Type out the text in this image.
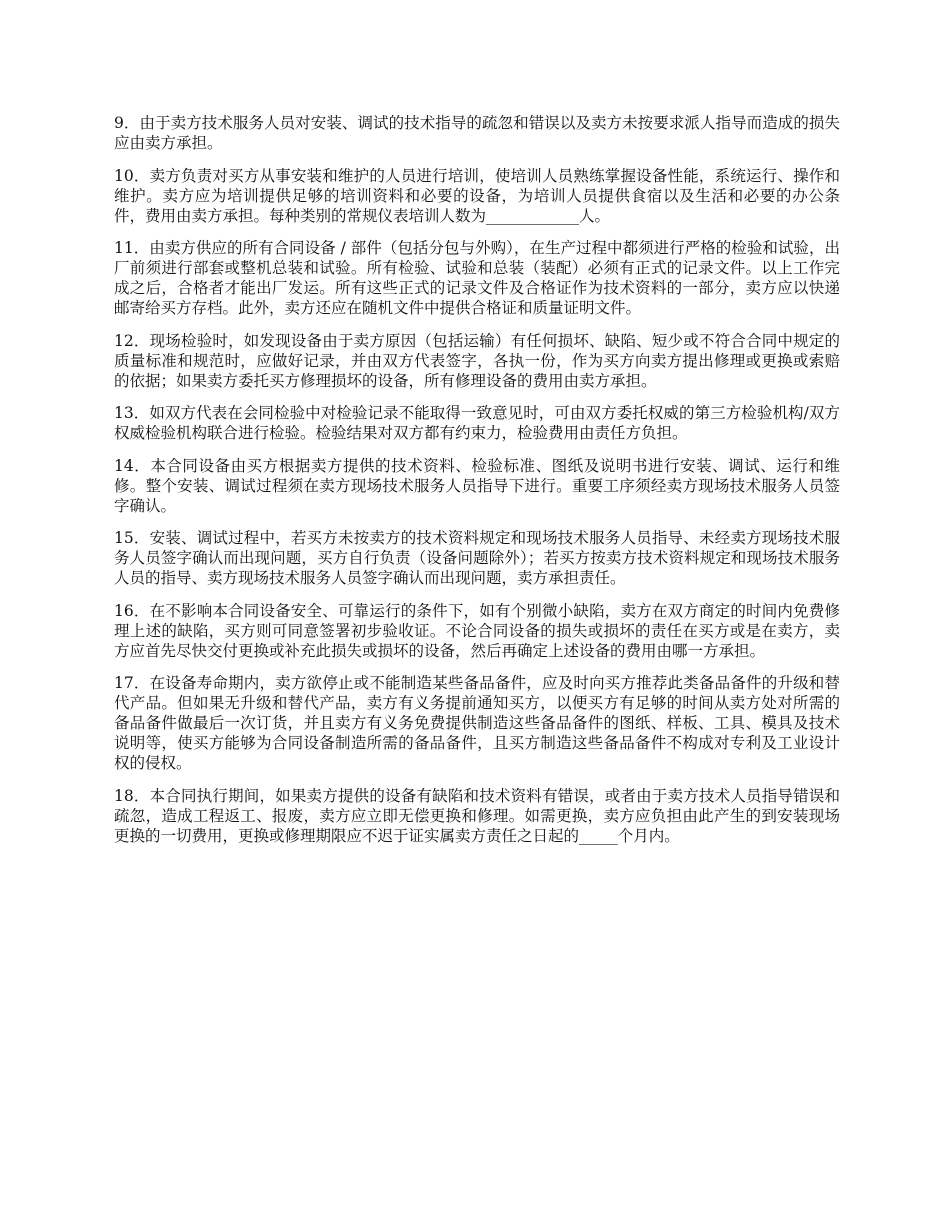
9．由于卖方技术服务人员对安装、调试的技术指导的疏忽和错误以及卖方未按要求派人指导而造成的损失应由卖方承担。

10．卖方负责对买方从事安装和维护的人员进行培训，使培训人员熟练掌握设备性能，系统运行、操作和维护。卖方应为培训提供足够的培训资料和必要的设备，为培训人员提供食宿以及生活和必要的办公条件，费用由卖方承担。每种类别的常规仪表培训人数为____________人。

11．由卖方供应的所有合同设备 / 部件（包括分包与外购），在生产过程中都须进行严格的检验和试验，出厂前须进行部套或整机总装和试验。所有检验、试验和总装（装配）必须有正式的记录文件。以上工作完成之后，合格者才能出厂发运。所有这些正式的记录文件及合格证作为技术资料的一部分，卖方应以快递邮寄给买方存档。此外，卖方还应在随机文件中提供合格证和质量证明文件。

12．现场检验时，如发现设备由于卖方原因（包括运输）有任何损坏、缺陷、短少或不符合合同中规定的质量标准和规范时，应做好记录，并由双方代表签字，各执一份，作为买方向卖方提出修理或更换或索赔的依据；如果卖方委托买方修理损坏的设备，所有修理设备的费用由卖方承担。

13．如双方代表在会同检验中对检验记录不能取得一致意见时，可由双方委托权威的第三方检验机构/双方权威检验机构联合进行检验。检验结果对双方都有约束力，检验费用由责任方负担。

14．本合同设备由买方根据卖方提供的技术资料、检验标准、图纸及说明书进行安装、调试、运行和维修。整个安装、调试过程须在卖方现场技术服务人员指导下进行。重要工序须经卖方现场技术服务人员签字确认。

15．安装、调试过程中，若买方未按卖方的技术资料规定和现场技术服务人员指导、未经卖方现场技术服务人员签字确认而出现问题，买方自行负责（设备问题除外）；若买方按卖方技术资料规定和现场技术服务人员的指导、卖方现场技术服务人员签字确认而出现问题，卖方承担责任。

16．在不影响本合同设备安全、可靠运行的条件下，如有个别微小缺陷，卖方在双方商定的时间内免费修理上述的缺陷，买方则可同意签署初步验收证。不论合同设备的损失或损坏的责任在买方或是在卖方，卖方应首先尽快交付更换或补充此损失或损坏的设备，然后再确定上述设备的费用由哪一方承担。

17．在设备寿命期内，卖方欲停止或不能制造某些备品备件，应及时向买方推荐此类备品备件的升级和替代产品。但如果无升级和替代产品，卖方有义务提前通知买方，以便买方有足够的时间从卖方处对所需的备品备件做最后一次订货，并且卖方有义务免费提供制造这些备品备件的图纸、样板、工具、模具及技术说明等，使买方能够为合同设备制造所需的备品备件，且买方制造这些备品备件不构成对专利及工业设计权的侵权。

18．本合同执行期间，如果卖方提供的设备有缺陷和技术资料有错误，或者由于卖方技术人员指导错误和疏忽，造成工程返工、报废，卖方应立即无偿更换和修理。如需更换，卖方应负担由此产生的到安装现场更换的一切费用，更换或修理期限应不迟于证实属卖方责任之日起的_____个月内。
